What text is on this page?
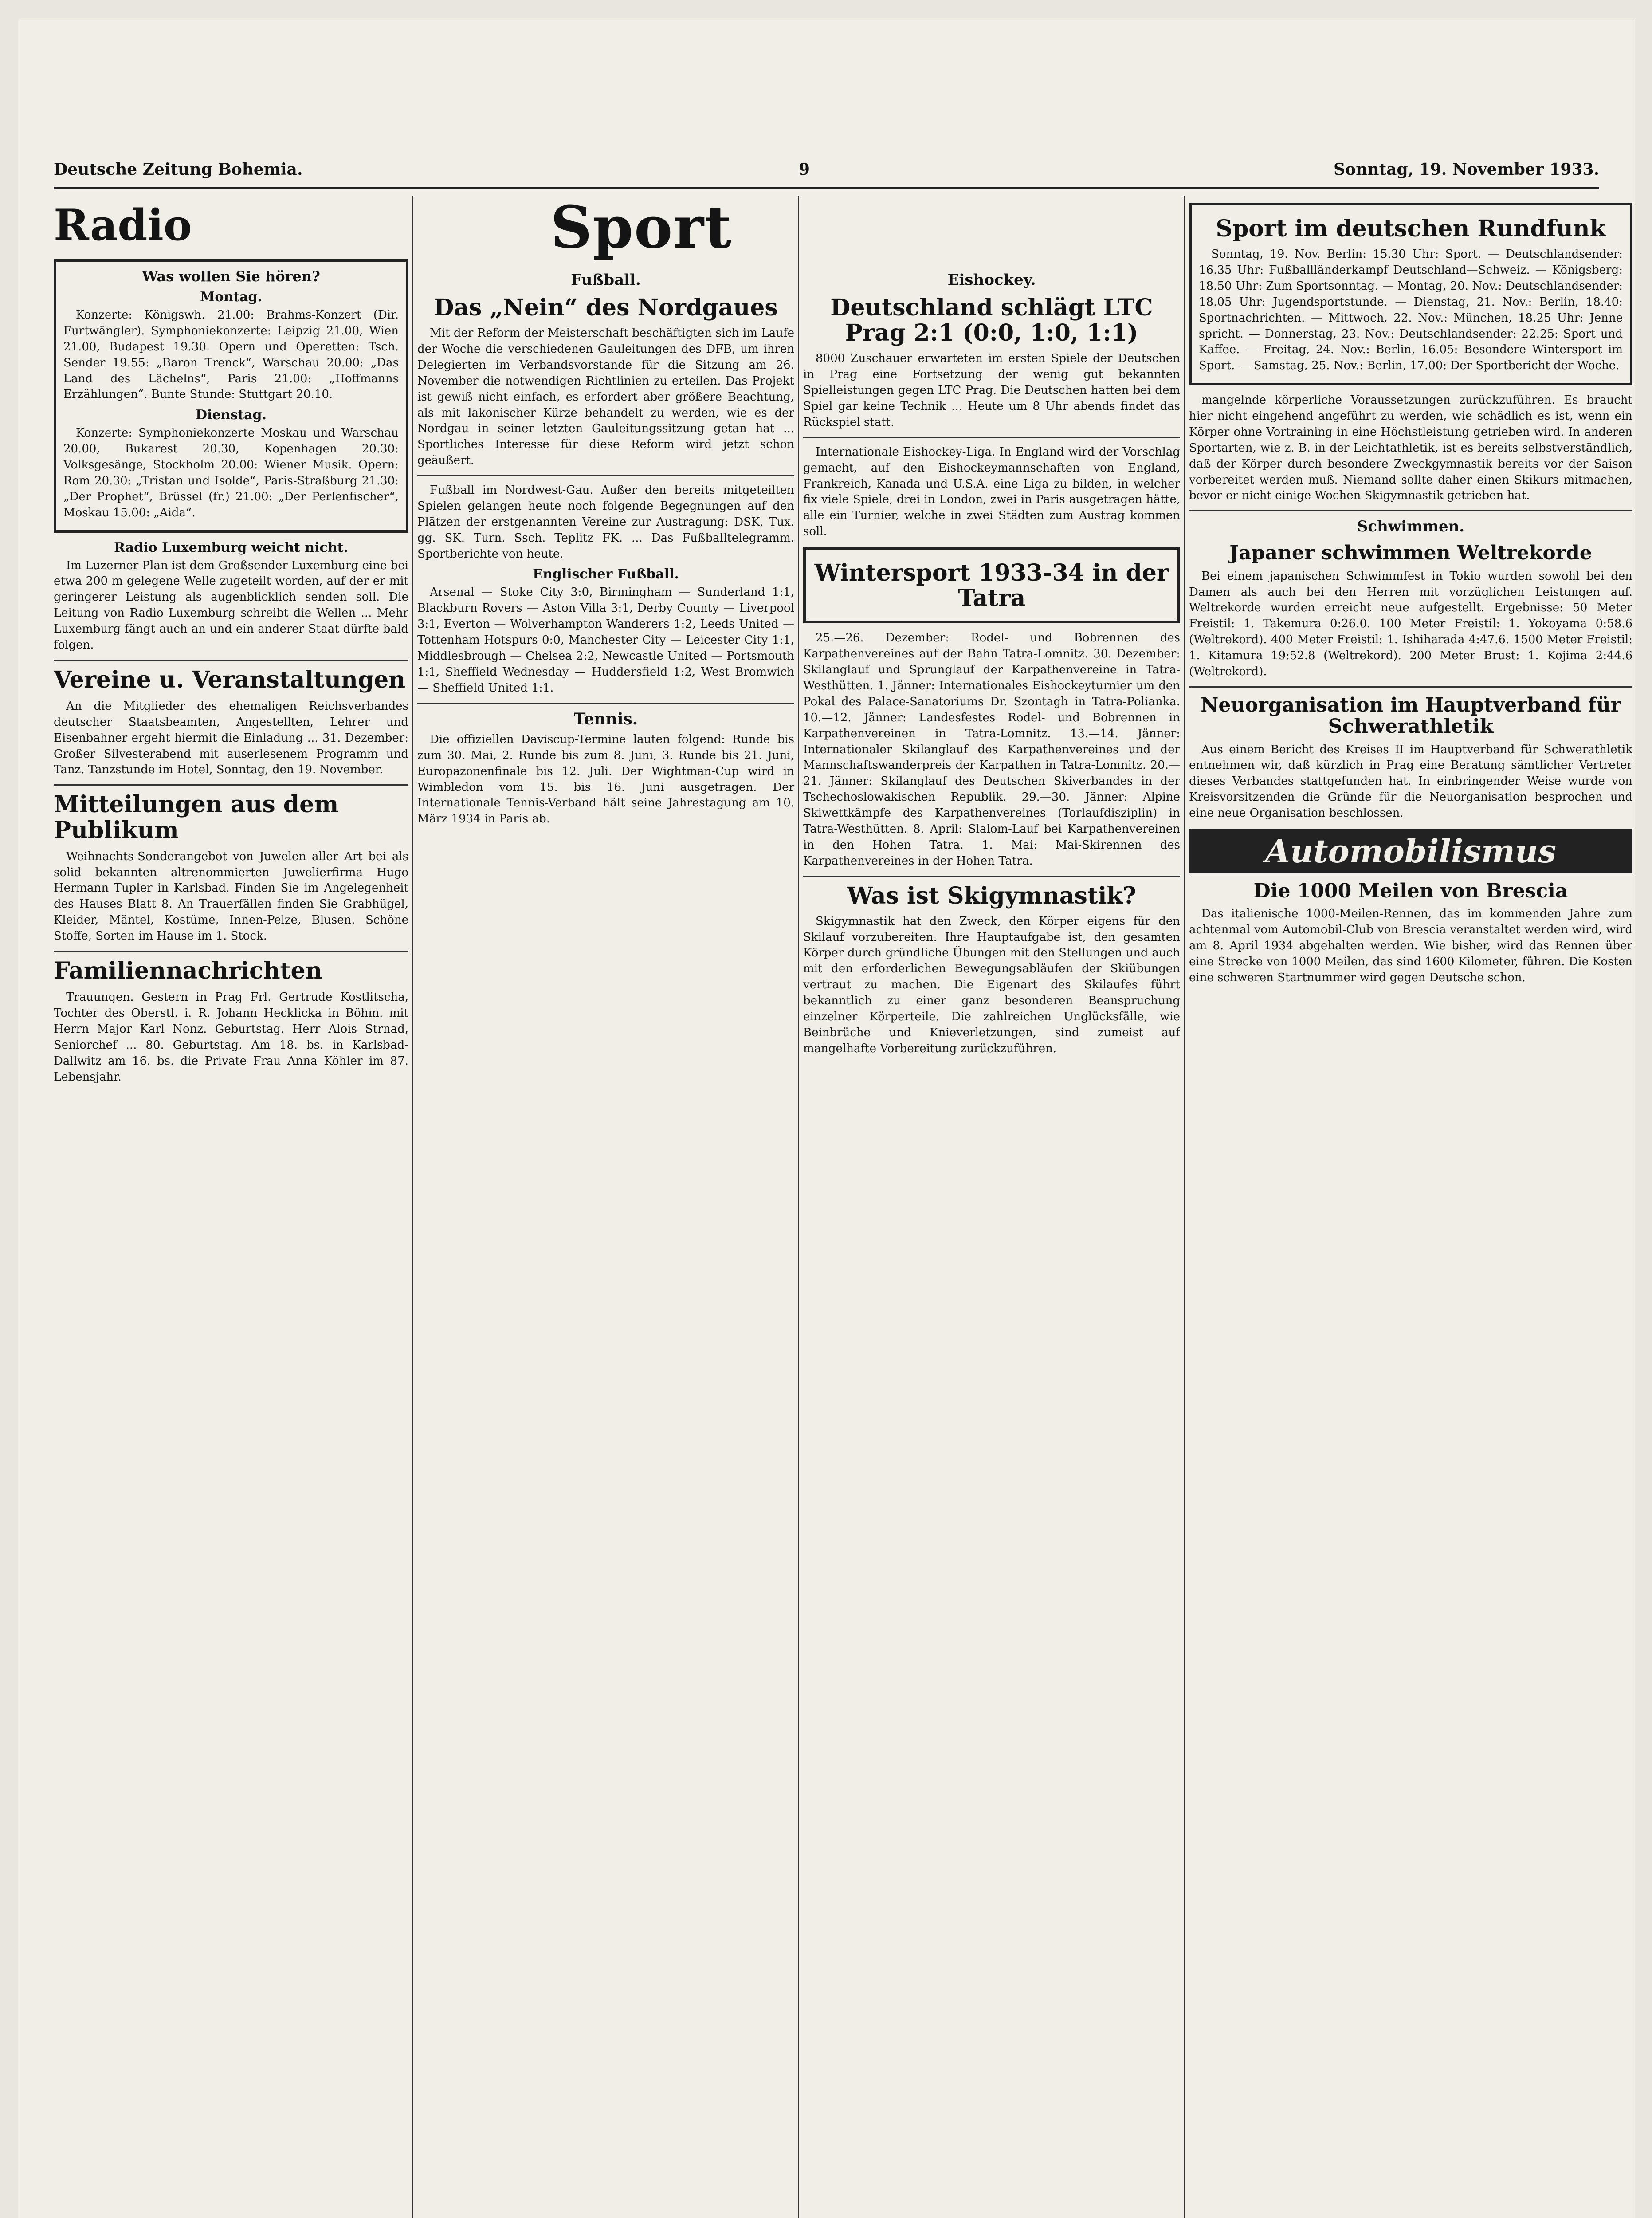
Deutsche Zeitung Bohemia.	9	Sonntag, 19. November 1933.
Radio
Was wollen Sie hören?
Montag.

Konzerte: Königswh. 21.00: Brahms-Konzert (Dir. Furtwängler). Symphoniekonzerte: Leipzig 21.00, Wien 21.00, Budapest 19.30. Opern und Operetten: Tsch. Sender 19.55: „Baron Trenck“, Warschau 20.00: „Das Land des Lächelns“, Paris 21.00: „Hoffmanns Erzählungen“. Bunte Stunde: Stuttgart 20.10.

Dienstag.

Konzerte: Symphoniekonzerte Moskau und Warschau 20.00, Bukarest 20.30, Kopenhagen 20.30: Volksgesänge, Stockholm 20.00: Wiener Musik. Opern: Rom 20.30: „Tristan und Isolde“, Paris-Straßburg 21.30: „Der Prophet“, Brüssel (fr.) 21.00: „Der Perlenfischer“, Moskau 15.00: „Aida“.

Radio Luxemburg weicht nicht.

Im Luzerner Plan ist dem Großsender Luxemburg eine bei etwa 200 m gelegene Welle zugeteilt worden, auf der er mit geringerer Leistung als augenblicklich senden soll. Die Leitung von Radio Luxemburg schreibt die Wellen ... Mehr Luxemburg fängt auch an und ein anderer Staat dürfte bald folgen.

Vereine u. Veranstaltungen

An die Mitglieder des ehemaligen Reichsverbandes deutscher Staatsbeamten, Angestellten, Lehrer und Eisenbahner ergeht hiermit die Einladung ... 31. Dezember: Großer Silvesterabend mit auserlesenem Programm und Tanz. Tanzstunde im Hotel, Sonntag, den 19. November.

Mitteilungen aus dem Publikum

Weihnachts-Sonderangebot von Juwelen aller Art bei als solid bekannten altrenommierten Juwelierfirma Hugo Hermann Tupler in Karlsbad. Finden Sie im Angelegenheit des Hauses Blatt 8. An Trauerfällen finden Sie Grabhügel, Kleider, Mäntel, Kostüme, Innen-Pelze, Blusen. Schöne Stoffe, Sorten im Hause im 1. Stock.

Familiennachrichten

Trauungen. Gestern in Prag Frl. Gertrude Kostlitscha, Tochter des Oberstl. i. R. Johann Hecklicka in Böhm. mit Herrn Major Karl Nonz. Geburtstag. Herr Alois Strnad, Seniorchef ... 80. Geburtstag. Am 18. bs. in Karlsbad-Dallwitz am 16. bs. die Private Frau Anna Köhler im 87. Lebensjahr.

Sport
Fußball.
Das „Nein“ des Nordgaues

Mit der Reform der Meisterschaft beschäftigten sich im Laufe der Woche die verschiedenen Gauleitungen des DFB, um ihren Delegierten im Verbandsvorstande für die Sitzung am 26. November die notwendigen Richtlinien zu erteilen. Das Projekt ist gewiß nicht einfach, es erfordert aber größere Beachtung, als mit lakonischer Kürze behandelt zu werden, wie es der Nordgau in seiner letzten Gauleitungssitzung getan hat ... Sportliches Interesse für diese Reform wird jetzt schon geäußert.

Fußball im Nordwest-Gau. Außer den bereits mitgeteilten Spielen gelangen heute noch folgende Begegnungen auf den Plätzen der erstgenannten Vereine zur Austragung: DSK. Tux. gg. SK. Turn. Ssch. Teplitz FK. ... Das Fußballtelegramm. Sportberichte von heute.

Englischer Fußball.

Arsenal — Stoke City 3:0, Birmingham — Sunderland 1:1, Blackburn Rovers — Aston Villa 3:1, Derby County — Liverpool 3:1, Everton — Wolverhampton Wanderers 1:2, Leeds United — Tottenham Hotspurs 0:0, Manchester City — Leicester City 1:1, Middlesbrough — Chelsea 2:2, Newcastle United — Portsmouth 1:1, Sheffield Wednesday — Huddersfield 1:2, West Bromwich — Sheffield United 1:1.

Tennis.

Die offiziellen Daviscup-Termine lauten folgend: Runde bis zum 30. Mai, 2. Runde bis zum 8. Juni, 3. Runde bis 21. Juni, Europazonenfinale bis 12. Juli. Der Wightman-Cup wird in Wimbledon vom 15. bis 16. Juni ausgetragen. Der Internationale Tennis-Verband hält seine Jahrestagung am 10. März 1934 in Paris ab.

Eishockey.
Deutschland schlägt LTC Prag 2:1 (0:0, 1:0, 1:1)

8000 Zuschauer erwarteten im ersten Spiele der Deutschen in Prag eine Fortsetzung der wenig gut bekannten Spielleistungen gegen LTC Prag. Die Deutschen hatten bei dem Spiel gar keine Technik ... Heute um 8 Uhr abends findet das Rückspiel statt.

Internationale Eishockey-Liga. In England wird der Vorschlag gemacht, auf den Eishockeymannschaften von England, Frankreich, Kanada und U.S.A. eine Liga zu bilden, in welcher fix viele Spiele, drei in London, zwei in Paris ausgetragen hätte, alle ein Turnier, welche in zwei Städten zum Austrag kommen soll.

Wintersport 1933-34 in der Tatra

25.—26. Dezember: Rodel- und Bobrennen des Karpathenvereines auf der Bahn Tatra-Lomnitz. 30. Dezember: Skilanglauf und Sprunglauf der Karpathenvereine in Tatra-Westhütten. 1. Jänner: Internationales Eishockeyturnier um den Pokal des Palace-Sanatoriums Dr. Szontagh in Tatra-Polianka. 10.—12. Jänner: Landesfestes Rodel- und Bobrennen in Karpathenvereinen in Tatra-Lomnitz. 13.—14. Jänner: Internationaler Skilanglauf des Karpathenvereines und der Mannschaftswanderpreis der Karpathen in Tatra-Lomnitz. 20.—21. Jänner: Skilanglauf des Deutschen Skiverbandes in der Tschechoslowakischen Republik. 29.—30. Jänner: Alpine Skiwettkämpfe des Karpathenvereines (Torlaufdisziplin) in Tatra-Westhütten. 8. April: Slalom-Lauf bei Karpathenvereinen in den Hohen Tatra. 1. Mai: Mai-Skirennen des Karpathenvereines in der Hohen Tatra.

Was ist Skigymnastik?

Skigymnastik hat den Zweck, den Körper eigens für den Skilauf vorzubereiten. Ihre Hauptaufgabe ist, den gesamten Körper durch gründliche Übungen mit den Stellungen und auch mit den erforderlichen Bewegungsabläufen der Skiübungen vertraut zu machen. Die Eigenart des Skilaufes führt bekanntlich zu einer ganz besonderen Beanspruchung einzelner Körperteile. Die zahlreichen Unglücksfälle, wie Beinbrüche und Knieverletzungen, sind zumeist auf mangelhafte Vorbereitung zurückzuführen.

Sport im deutschen Rundfunk

Sonntag, 19. Nov. Berlin: 15.30 Uhr: Sport. — Deutschlandsender: 16.35 Uhr: Fußballländerkampf Deutschland—Schweiz. — Königsberg: 18.50 Uhr: Zum Sportsonntag. — Montag, 20. Nov.: Deutschlandsender: 18.05 Uhr: Jugendsportstunde. — Dienstag, 21. Nov.: Berlin, 18.40: Sportnachrichten. — Mittwoch, 22. Nov.: München, 18.25 Uhr: Jenne spricht. — Donnerstag, 23. Nov.: Deutschlandsender: 22.25: Sport und Kaffee. — Freitag, 24. Nov.: Berlin, 16.05: Besondere Wintersport im Sport. — Samstag, 25. Nov.: Berlin, 17.00: Der Sportbericht der Woche.

mangelnde körperliche Voraussetzungen zurückzuführen. Es braucht hier nicht eingehend angeführt zu werden, wie schädlich es ist, wenn ein Körper ohne Vortraining in eine Höchstleistung getrieben wird. In anderen Sportarten, wie z. B. in der Leichtathletik, ist es bereits selbstverständlich, daß der Körper durch besondere Zweckgymnastik bereits vor der Saison vorbereitet werden muß. Niemand sollte daher einen Skikurs mitmachen, bevor er nicht einige Wochen Skigymnastik getrieben hat.

Schwimmen.
Japaner schwimmen Weltrekorde

Bei einem japanischen Schwimmfest in Tokio wurden sowohl bei den Damen als auch bei den Herren mit vorzüglichen Leistungen auf. Weltrekorde wurden erreicht neue aufgestellt. Ergebnisse: 50 Meter Freistil: 1. Takemura 0:26.0. 100 Meter Freistil: 1. Yokoyama 0:58.6 (Weltrekord). 400 Meter Freistil: 1. Ishiharada 4:47.6. 1500 Meter Freistil: 1. Kitamura 19:52.8 (Weltrekord). 200 Meter Brust: 1. Kojima 2:44.6 (Weltrekord).

Neuorganisation im Hauptverband für Schwerathletik

Aus einem Bericht des Kreises II im Hauptverband für Schwerathletik entnehmen wir, daß kürzlich in Prag eine Beratung sämtlicher Vertreter dieses Verbandes stattgefunden hat. In einbringender Weise wurde von Kreisvorsitzenden die Gründe für die Neuorganisation besprochen und eine neue Organisation beschlossen.

Automobilismus
Die 1000 Meilen von Brescia

Das italienische 1000-Meilen-Rennen, das im kommenden Jahre zum achtenmal vom Automobil-Club von Brescia veranstaltet werden wird, wird am 8. April 1934 abgehalten werden. Wie bisher, wird das Rennen über eine Strecke von 1000 Meilen, das sind 1600 Kilometer, führen. Die Kosten eine schweren Startnummer wird gegen Deutsche schon.
